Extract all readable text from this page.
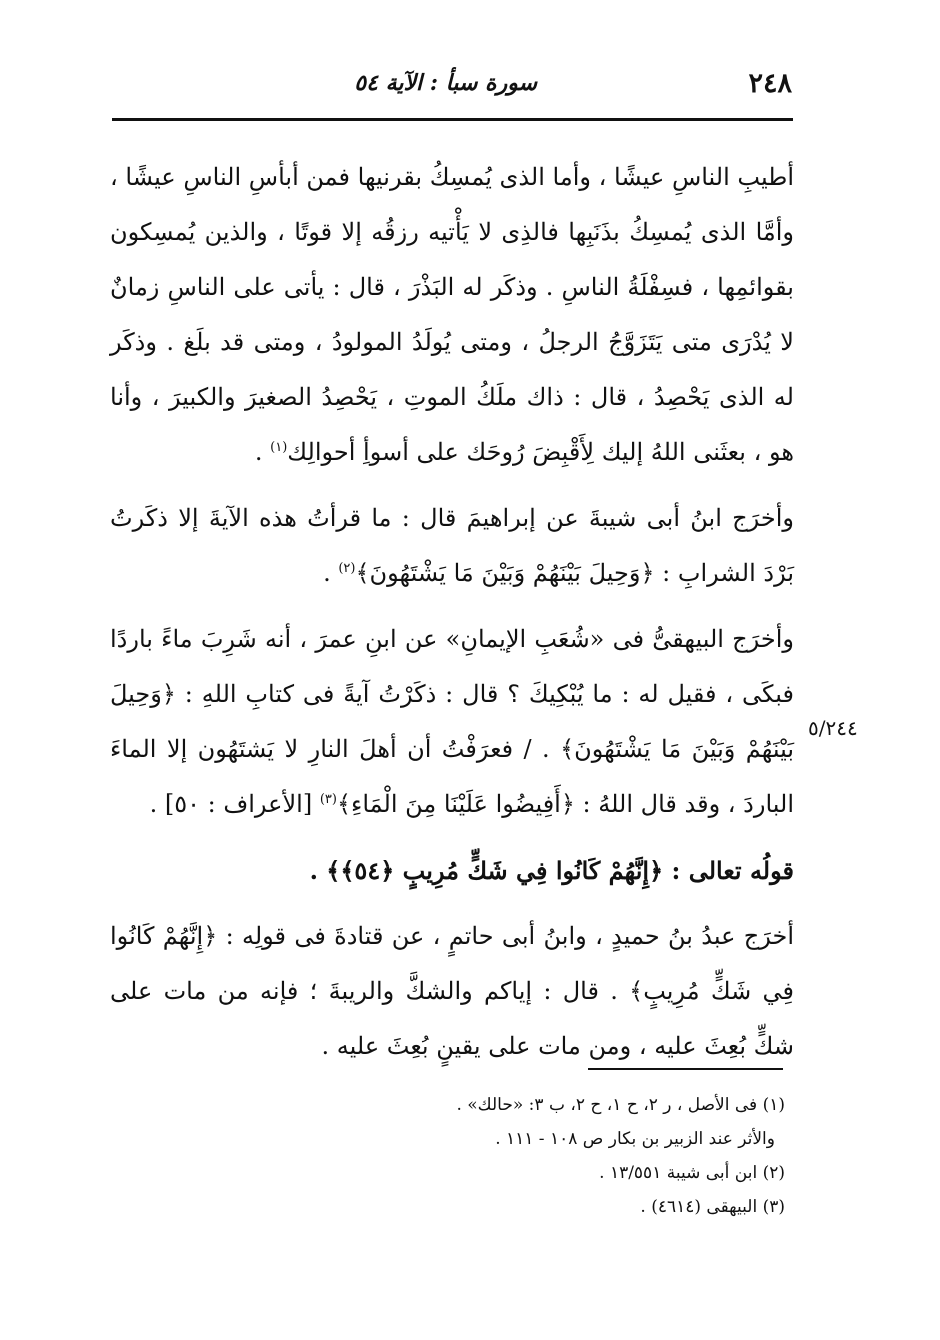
٢٤٨
سورة سبأ : الآية ٥٤

أطيبِ الناسِ عيشًا ، وأما الذى يُمسِكُ بقرنيها فمن أبأسِ الناسِ عيشًا ، وأمَّا الذى يُمسِكُ بذَنَبِها فالذِى لا يَأْتيه رزقُه إلا قوتًا ، والذين يُمسِكون بقوائمِها ، فسِفْلَةُ الناسِ . وذكَر له البَذْرَ ، قال : يأتى على الناسِ زمانٌ لا يُدْرَى متى يَتَزَوَّجُ الرجلُ ، ومتى يُولَدُ المولودُ ، ومتى قد بلَغ . وذكَر له الذى يَحْصِدُ ، قال : ذاك ملَكُ الموتِ ، يَحْصِدُ الصغيرَ والكبيرَ ، وأنا هو ، بعثَنى اللهُ إليك لِأَقْبِضَ رُوحَك على أسوأِ أحوالِك$^{(١)}$ .

وأخرَج ابنُ أبى شيبةَ عن إبراهيمَ قال : ما قرأتُ هذه الآيةَ إلا ذكَرتُ بَرْدَ الشرابِ : ﴿وَحِيلَ بَيْنَهُمْ وَبَيْنَ مَا يَشْتَهُونَ﴾$^{(٢)}$ .

وأخرَج البيهقىُّ فى «شُعَبِ الإيمانِ» عن ابنِ عمرَ ، أنه شَرِبَ ماءً باردًا فبكَى ، فقيل له : ما يُبْكِيكَ ؟ قال : ذكَرْتُ آيةً فى كتابِ اللهِ : ﴿وَحِيلَ بَيْنَهُمْ وَبَيْنَ مَا يَشْتَهُونَ﴾ . / فعرَفْتُ أن أهلَ النارِ لا يَشتَهُون إلا الماءَ الباردَ ، وقد قال اللهُ : ﴿أَفِيضُوا عَلَيْنَا مِنَ الْمَاءِ﴾$^{(٣)}$ [الأعراف : ٥٠] .

قولُه تعالى : ﴿إِنَّهُمْ كَانُوا فِي شَكٍّ مُرِيبٍ ﴿٥٤﴾﴾ .

أخرَج عبدُ بنُ حميدٍ ، وابنُ أبى حاتمٍ ، عن قتادةَ فى قولِه : ﴿إِنَّهُمْ كَانُوا فِي شَكٍّ مُرِيبٍ﴾ . قال : إياكم والشكَّ والريبةَ ؛ فإنه من مات على شكٍّ بُعِثَ عليه ، ومن مات على يقينٍ بُعِثَ عليه .

٥/٢٤٤

(١) فى الأصل ، ر ٢، ح ١، ح ٢، ب ٣: «حالك» .

والأثر عند الزبير بن بكار ص ١٠٨ - ١١١ .

(٢) ابن أبى شيبة ١٣/٥٥١ .

(٣) البيهقى (٤٦١٤) .
